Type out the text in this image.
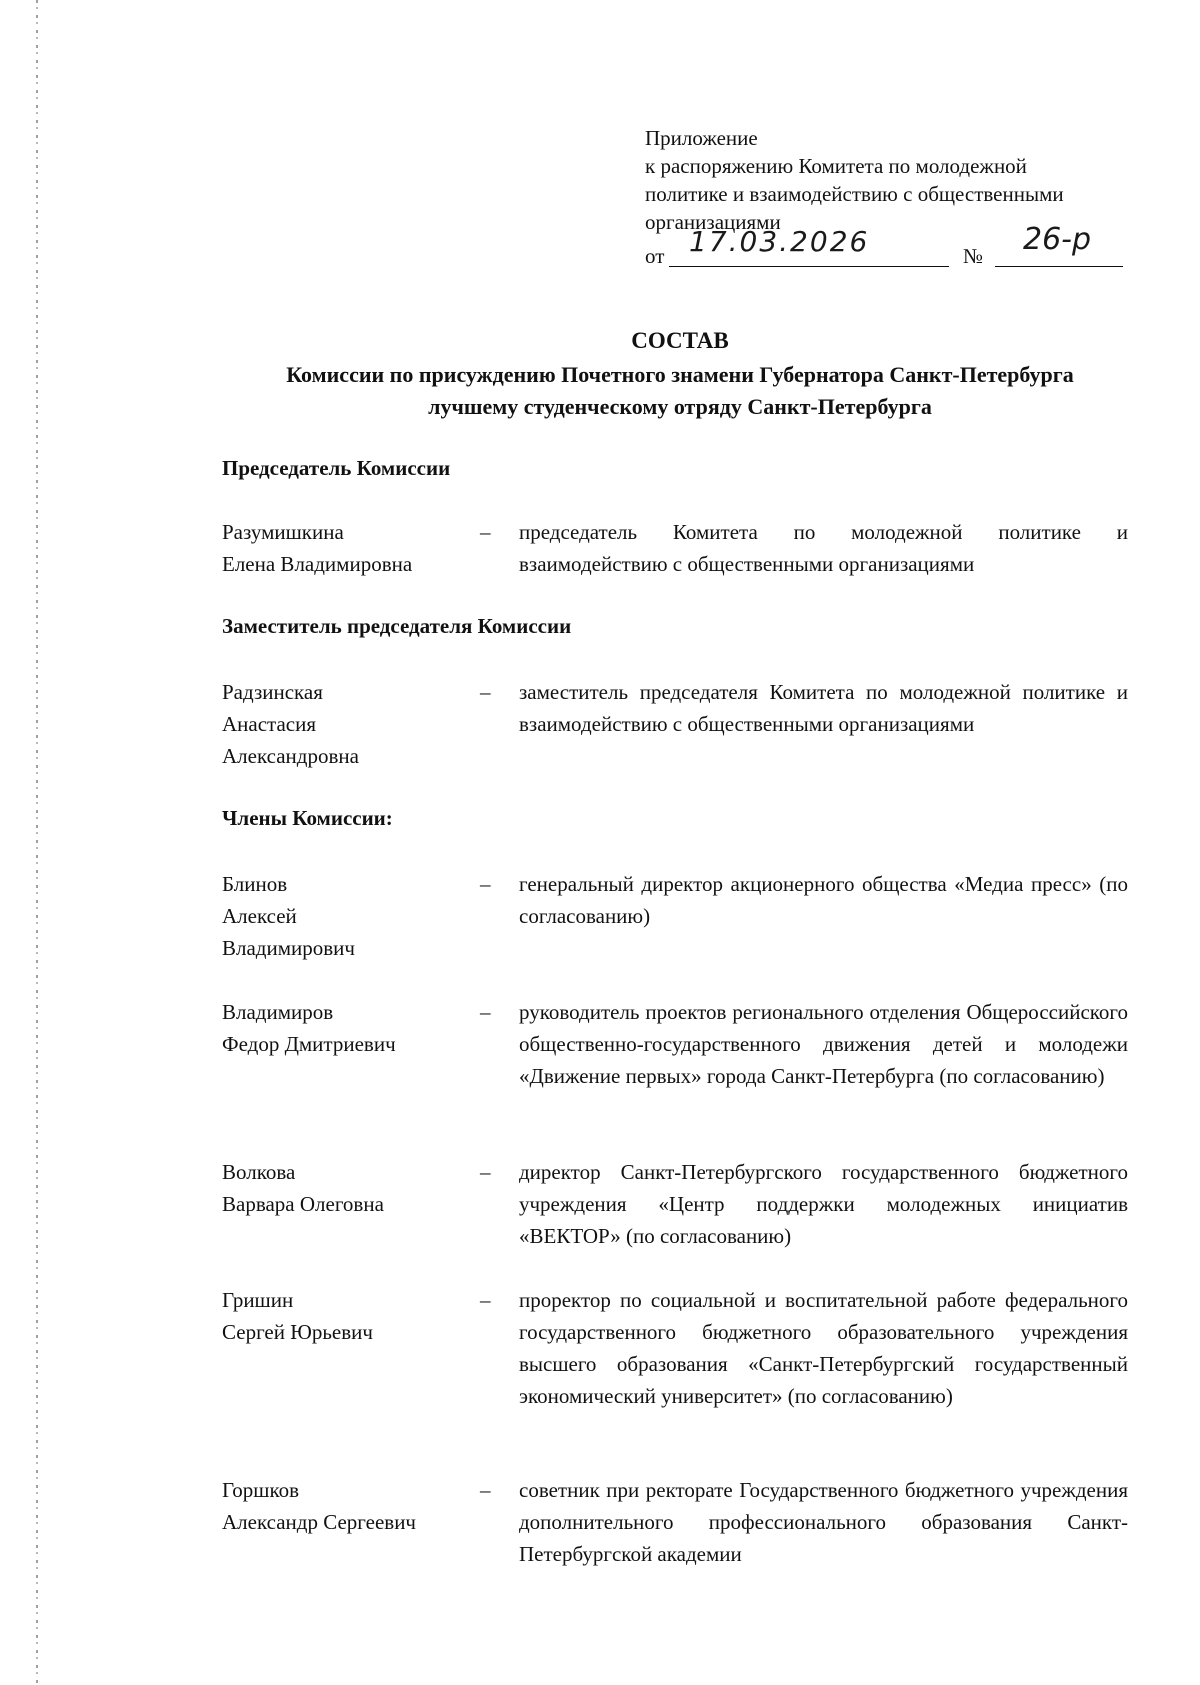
Приложение
к распоряжению Комитета по молодежной
политике и взаимодействию с общественными
организациями
от 17.03.2026	№ 26-р
СОСТАВ
Комиссии по присуждению Почетного знамени Губернатора Санкт-Петербурга
лучшему студенческому отряду Санкт-Петербурга
Председатель Комиссии
Разумишкина
Елена Владимировна
– председатель Комитета по молодежной политике и взаимодействию с общественными организациями
Заместитель председателя Комиссии
Радзинская
Анастасия
Александровна
– заместитель председателя Комитета по молодежной политике и взаимодействию с общественными организациями
Члены Комиссии:
Блинов
Алексей
Владимирович
– генеральный директор акционерного общества «Медиа пресс» (по согласованию)
Владимиров
Федор Дмитриевич
– руководитель проектов регионального отделения Общероссийского общественно-государственного движения детей и молодежи «Движение первых» города Санкт-Петербурга (по согласованию)
Волкова
Варвара Олеговна
– директор Санкт-Петербургского государственного бюджетного учреждения «Центр поддержки молодежных инициатив «ВЕКТОР» (по согласованию)
Гришин
Сергей Юрьевич
– проректор по социальной и воспитательной работе федерального государственного бюджетного образовательного учреждения высшего образования «Санкт-Петербургский государственный экономический университет» (по согласованию)
Горшков
Александр Сергеевич
– советник при ректорате Государственного бюджетного учреждения дополнительного профессионального образования Санкт-Петербургской академии
